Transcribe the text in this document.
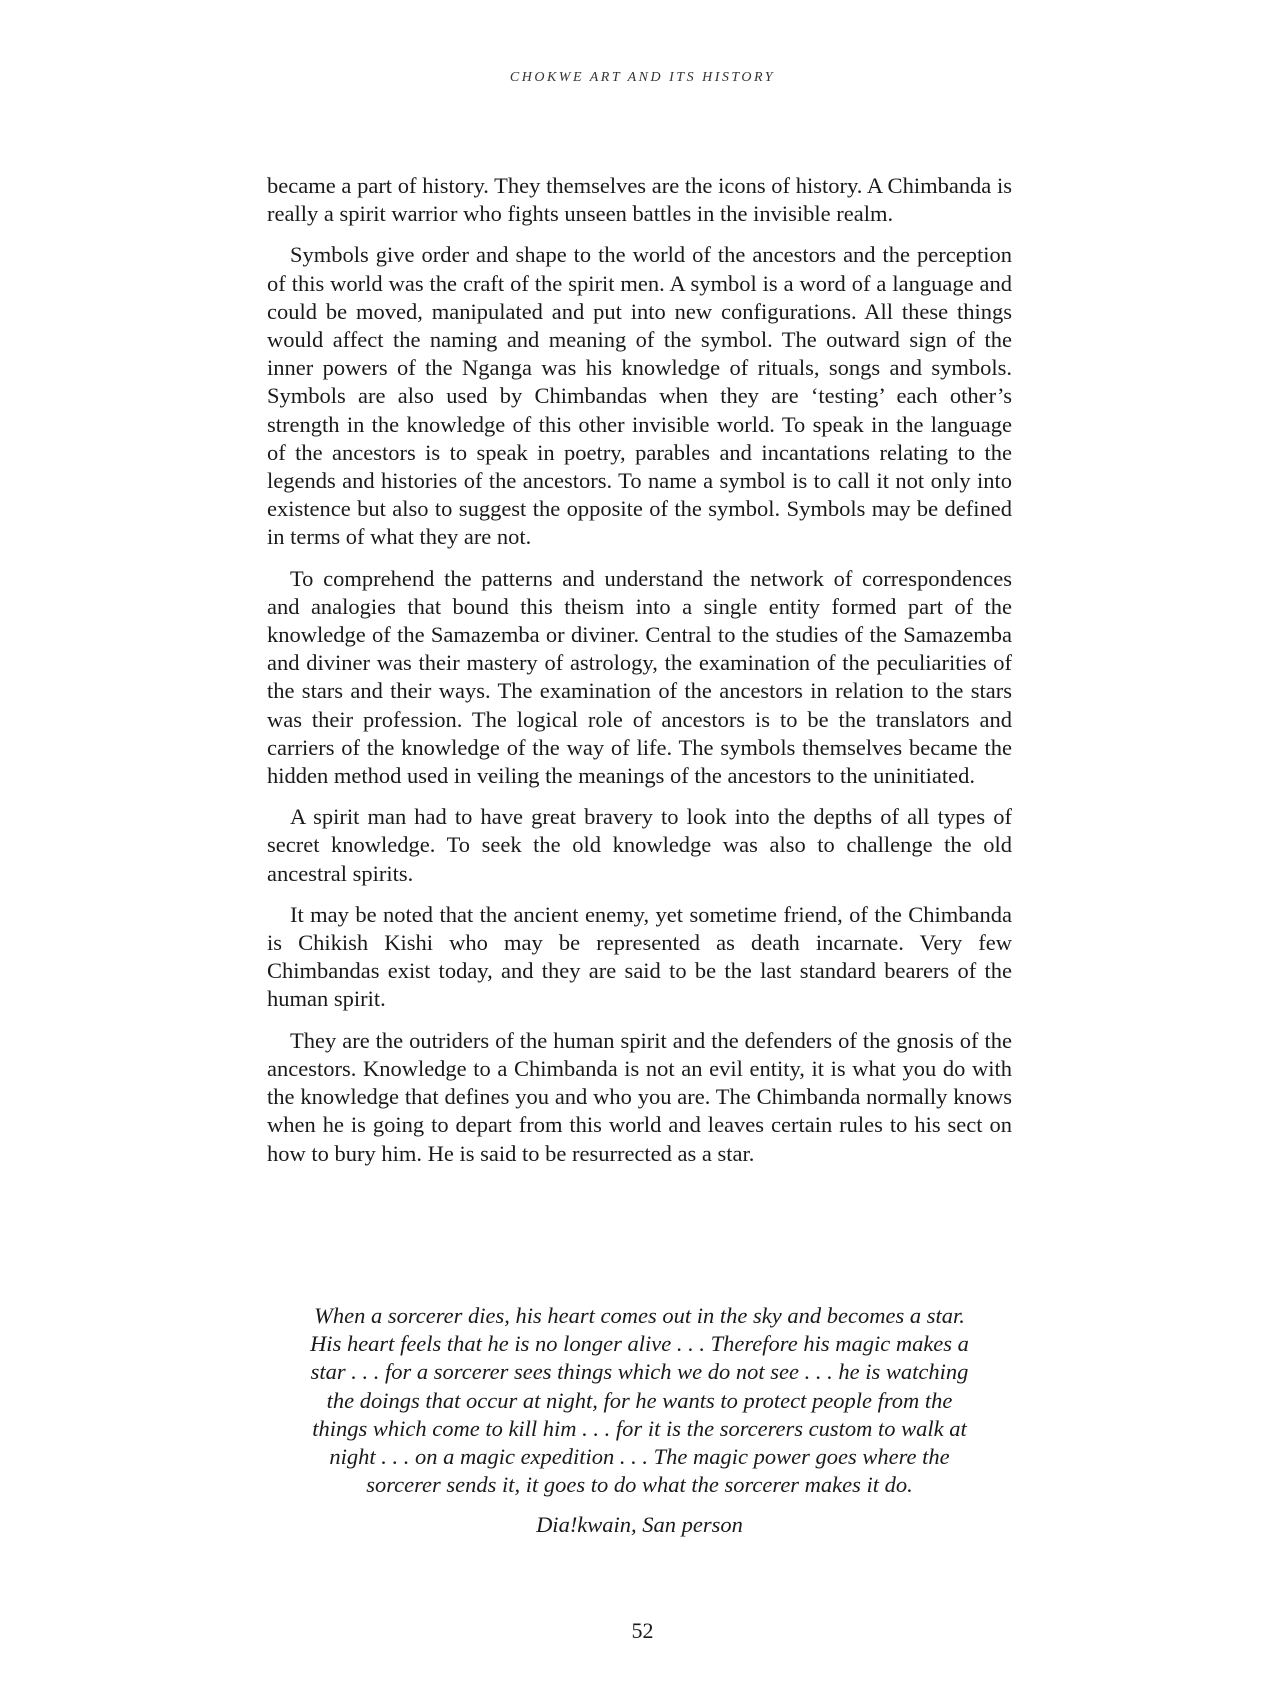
CHOKWE ART AND ITS HISTORY

became a part of history. They themselves are the icons of history. A Chimbanda is really a spirit warrior who fights unseen battles in the invisible realm.

Symbols give order and shape to the world of the ancestors and the perception of this world was the craft of the spirit men. A symbol is a word of a language and could be moved, manipulated and put into new configurations. All these things would affect the naming and meaning of the symbol. The outward sign of the inner powers of the Nganga was his knowledge of rituals, songs and symbols. Symbols are also used by Chimbandas when they are ‘testing’ each other’s strength in the knowledge of this other invisible world. To speak in the language of the ancestors is to speak in poetry, parables and incantations relating to the legends and histories of the ancestors. To name a symbol is to call it not only into existence but also to suggest the opposite of the symbol. Symbols may be defined in terms of what they are not.

To comprehend the patterns and understand the network of correspondences and analogies that bound this theism into a single entity formed part of the knowledge of the Samazemba or diviner. Central to the studies of the Samazemba and diviner was their mastery of astrology, the examination of the peculiarities of the stars and their ways. The examination of the ancestors in relation to the stars was their profession. The logical role of ancestors is to be the translators and carriers of the knowledge of the way of life. The symbols themselves became the hidden method used in veiling the meanings of the ancestors to the uninitiated.

A spirit man had to have great bravery to look into the depths of all types of secret knowledge. To seek the old knowledge was also to challenge the old ancestral spirits.

It may be noted that the ancient enemy, yet sometime friend, of the Chimbanda is Chikish Kishi who may be represented as death incarnate. Very few Chimbandas exist today, and they are said to be the last standard bearers of the human spirit.

They are the outriders of the human spirit and the defenders of the gnosis of the ancestors. Knowledge to a Chimbanda is not an evil entity, it is what you do with the knowledge that defines you and who you are. The Chimbanda normally knows when he is going to depart from this world and leaves certain rules to his sect on how to bury him. He is said to be resurrected as a star.

When a sorcerer dies, his heart comes out in the sky and becomes a star.

His heart feels that he is no longer alive . . . Therefore his magic makes a

star . . . for a sorcerer sees things which we do not see . . . he is watching

the doings that occur at night, for he wants to protect people from the

things which come to kill him . . . for it is the sorcerers custom to walk at

night . . . on a magic expedition . . . The magic power goes where the

sorcerer sends it, it goes to do what the sorcerer makes it do.

Dia!kwain, San person

52
